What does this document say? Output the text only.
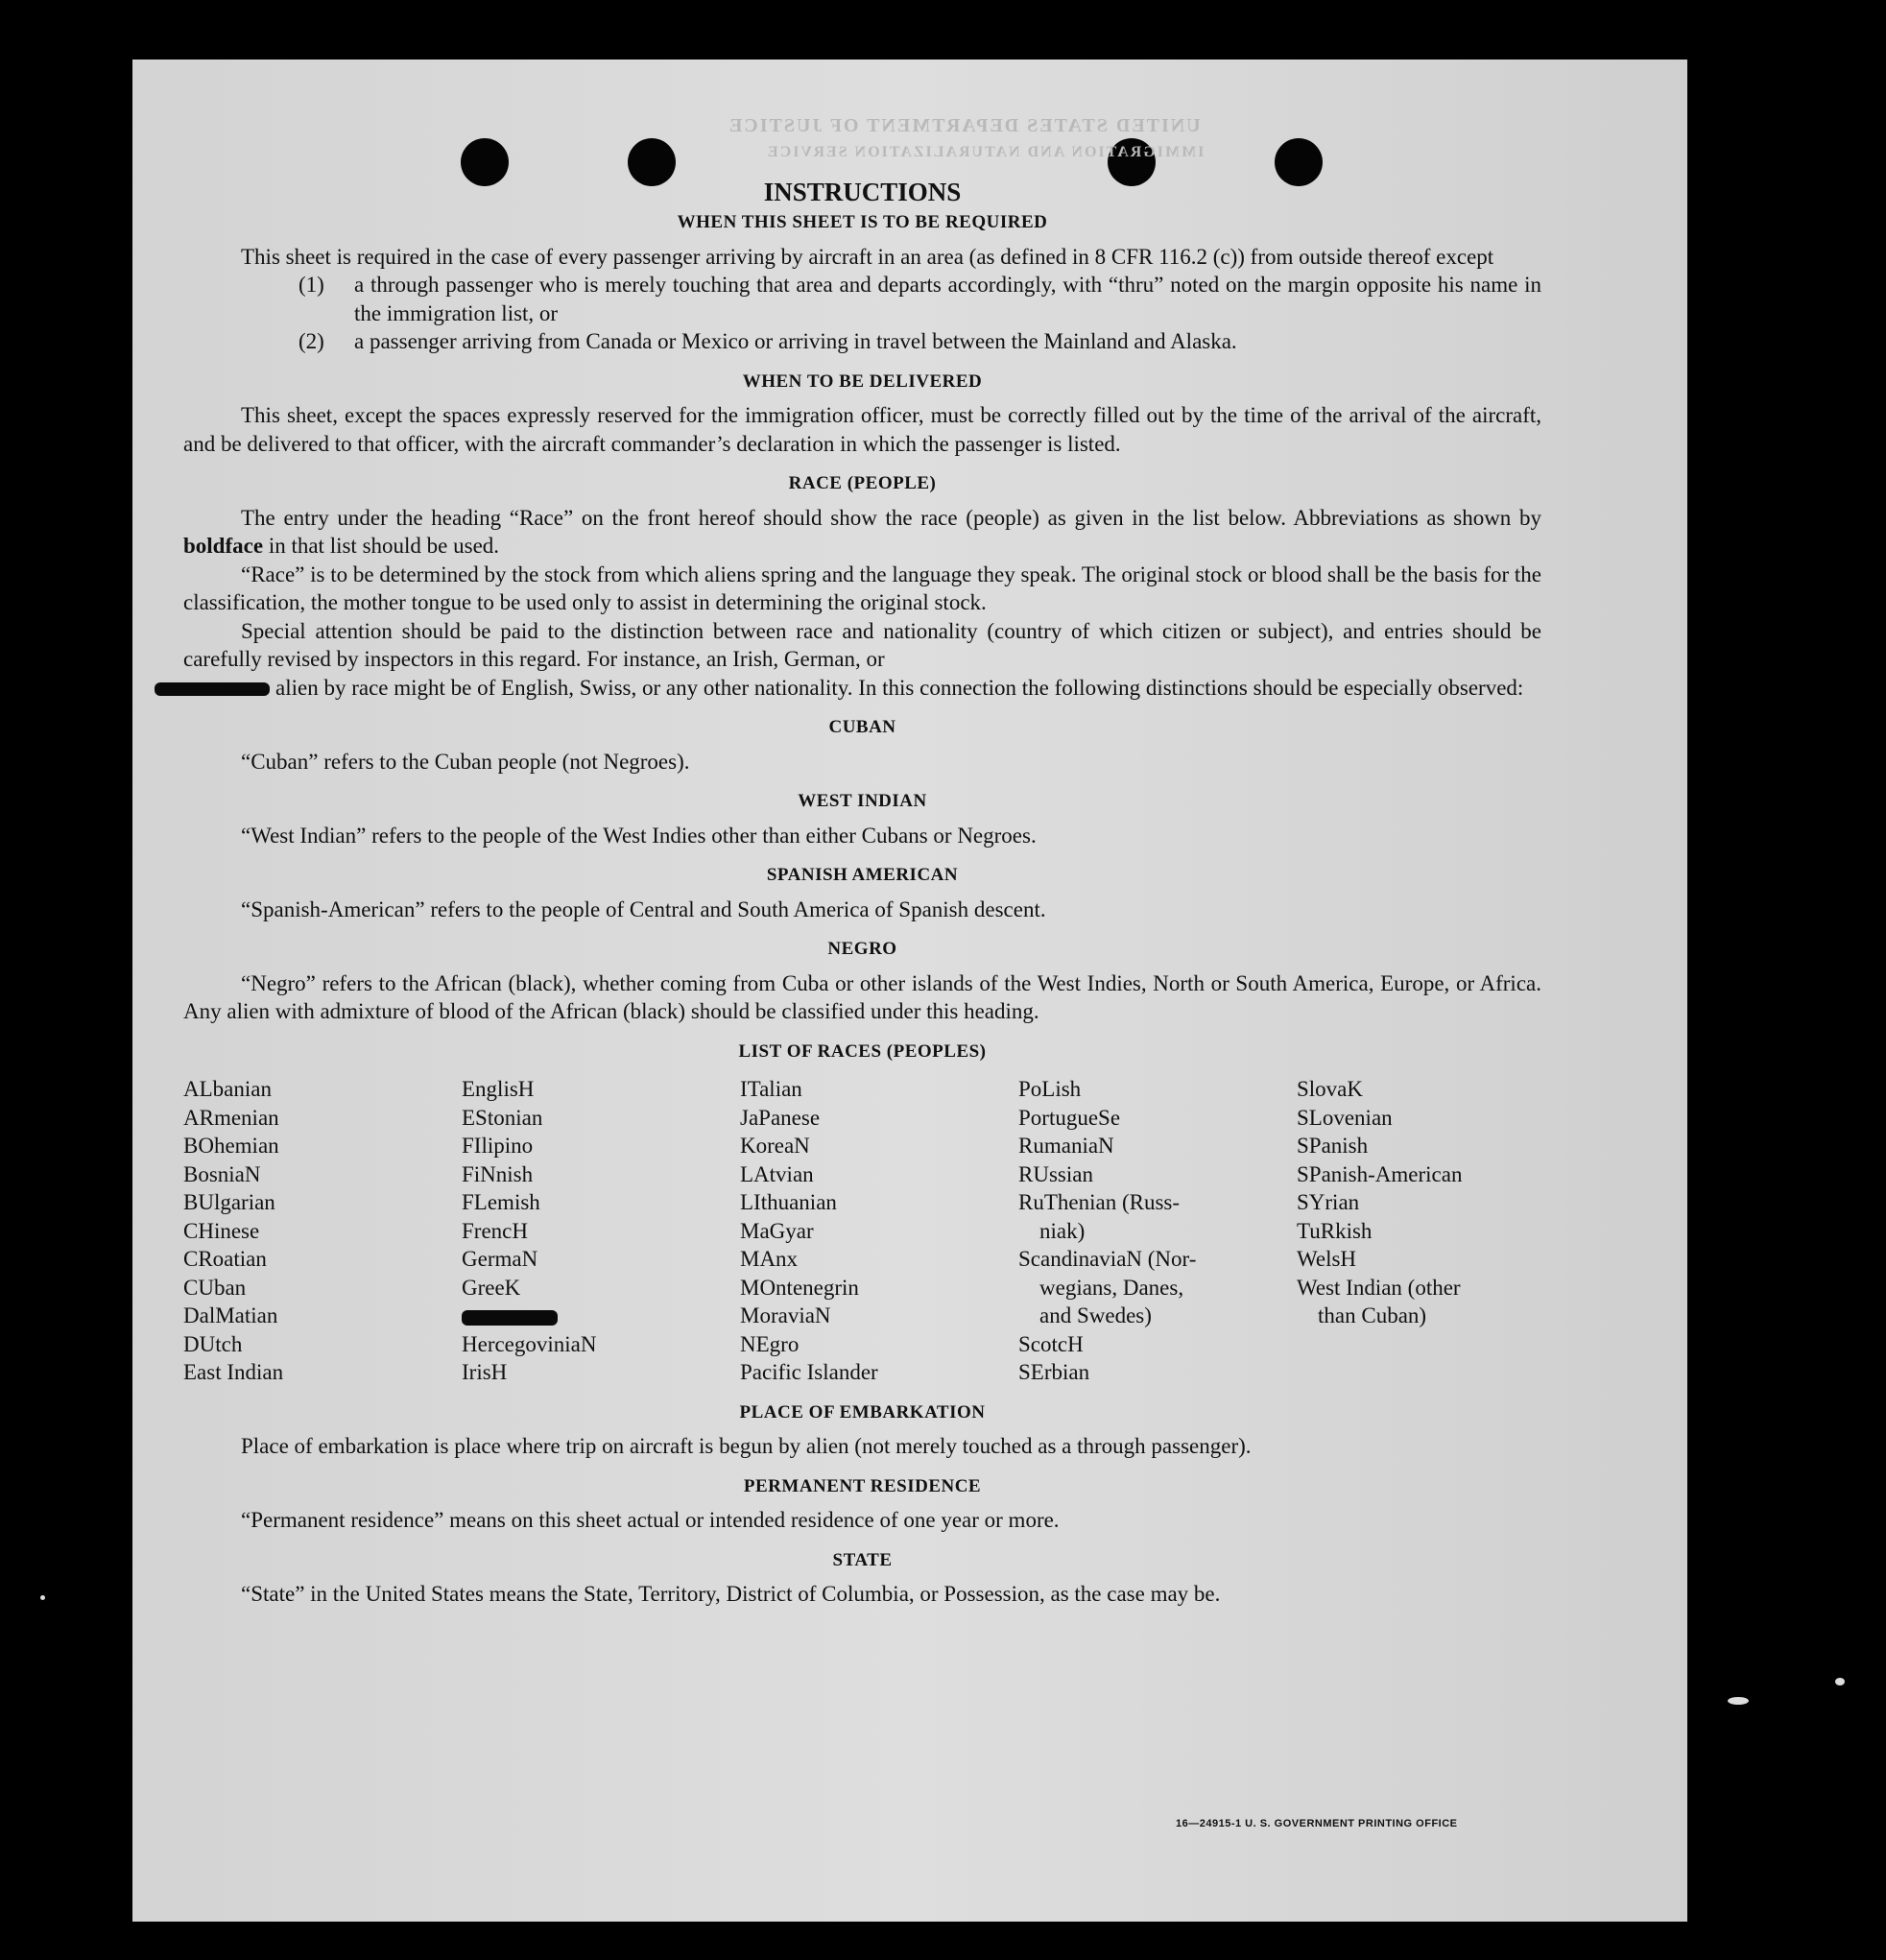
UNITED STATES DEPARTMENT OF JUSTICE
IMMIGRATION AND NATURALIZATION SERVICE
INSTRUCTIONS
WHEN THIS SHEET IS TO BE REQUIRED

This sheet is required in the case of every passenger arriving by aircraft in an area (as defined in 8 CFR 116.2 (c)) from outside thereof except

(1)	a through passenger who is merely touching that area and departs accordingly, with “thru” noted on the margin opposite his name in the immigration list, or
(2)	a passenger arriving from Canada or Mexico or arriving in travel between the Mainland and Alaska.
WHEN TO BE DELIVERED

This sheet, except the spaces expressly reserved for the immigration officer, must be correctly filled out by the time of the arrival of the aircraft, and be delivered to that officer, with the aircraft commander’s declaration in which the passenger is listed.

RACE (PEOPLE)

The entry under the heading “Race” on the front hereof should show the race (people) as given in the list below. Abbreviations as shown by boldface in that list should be used.

“Race” is to be determined by the stock from which aliens spring and the language they speak. The original stock or blood shall be the basis for the classification, the mother tongue to be used only to assist in determining the original stock.

Special attention should be paid to the distinction between race and nationality (country of which citizen or subject), and entries should be carefully revised by inspectors in this regard. For instance, an Irish, German, or

alien by race might be of English, Swiss, or any other nationality. In this connection the following distinctions should be especially observed:

CUBAN

“Cuban” refers to the Cuban people (not Negroes).

WEST INDIAN

“West Indian” refers to the people of the West Indies other than either Cubans or Negroes.

SPANISH AMERICAN

“Spanish-American” refers to the people of Central and South America of Spanish descent.

NEGRO

“Negro” refers to the African (black), whether coming from Cuba or other islands of the West Indies, North or South America, Europe, or Africa. Any alien with admixture of blood of the African (black) should be classified under this heading.

LIST OF RACES (PEOPLES)
ALbanian
ARmenian
BOhemian
BosniaN
BUlgarian
CHinese
CRoatian
CUban
DalMatian
DUtch
East Indian
EnglisH
EStonian
FIlipino
FiNnish
FLemish
FrencH
GermaN
GreeK
HercegoviniaN
IrisH
ITalian
JaPanese
KoreaN
LAtvian
LIthuanian
MaGyar
MAnx
MOntenegrin
MoraviaN
NEgro
Pacific Islander
PoLish
PortugueSe
RumaniaN
RUssian
RuThenian (Russ-
niak)
ScandinaviaN (Nor-
wegians, Danes,
and Swedes)
ScotcH
SErbian
SlovaK
SLovenian
SPanish
SPanish-American
SYrian
TuRkish
WelsH
West Indian (other
than Cuban)
PLACE OF EMBARKATION

Place of embarkation is place where trip on aircraft is begun by alien (not merely touched as a through passenger).

PERMANENT RESIDENCE

“Permanent residence” means on this sheet actual or intended residence of one year or more.

STATE

“State” in the United States means the State, Territory, District of Columbia, or Possession, as the case may be.

16—24915-1 U. S. GOVERNMENT PRINTING OFFICE
